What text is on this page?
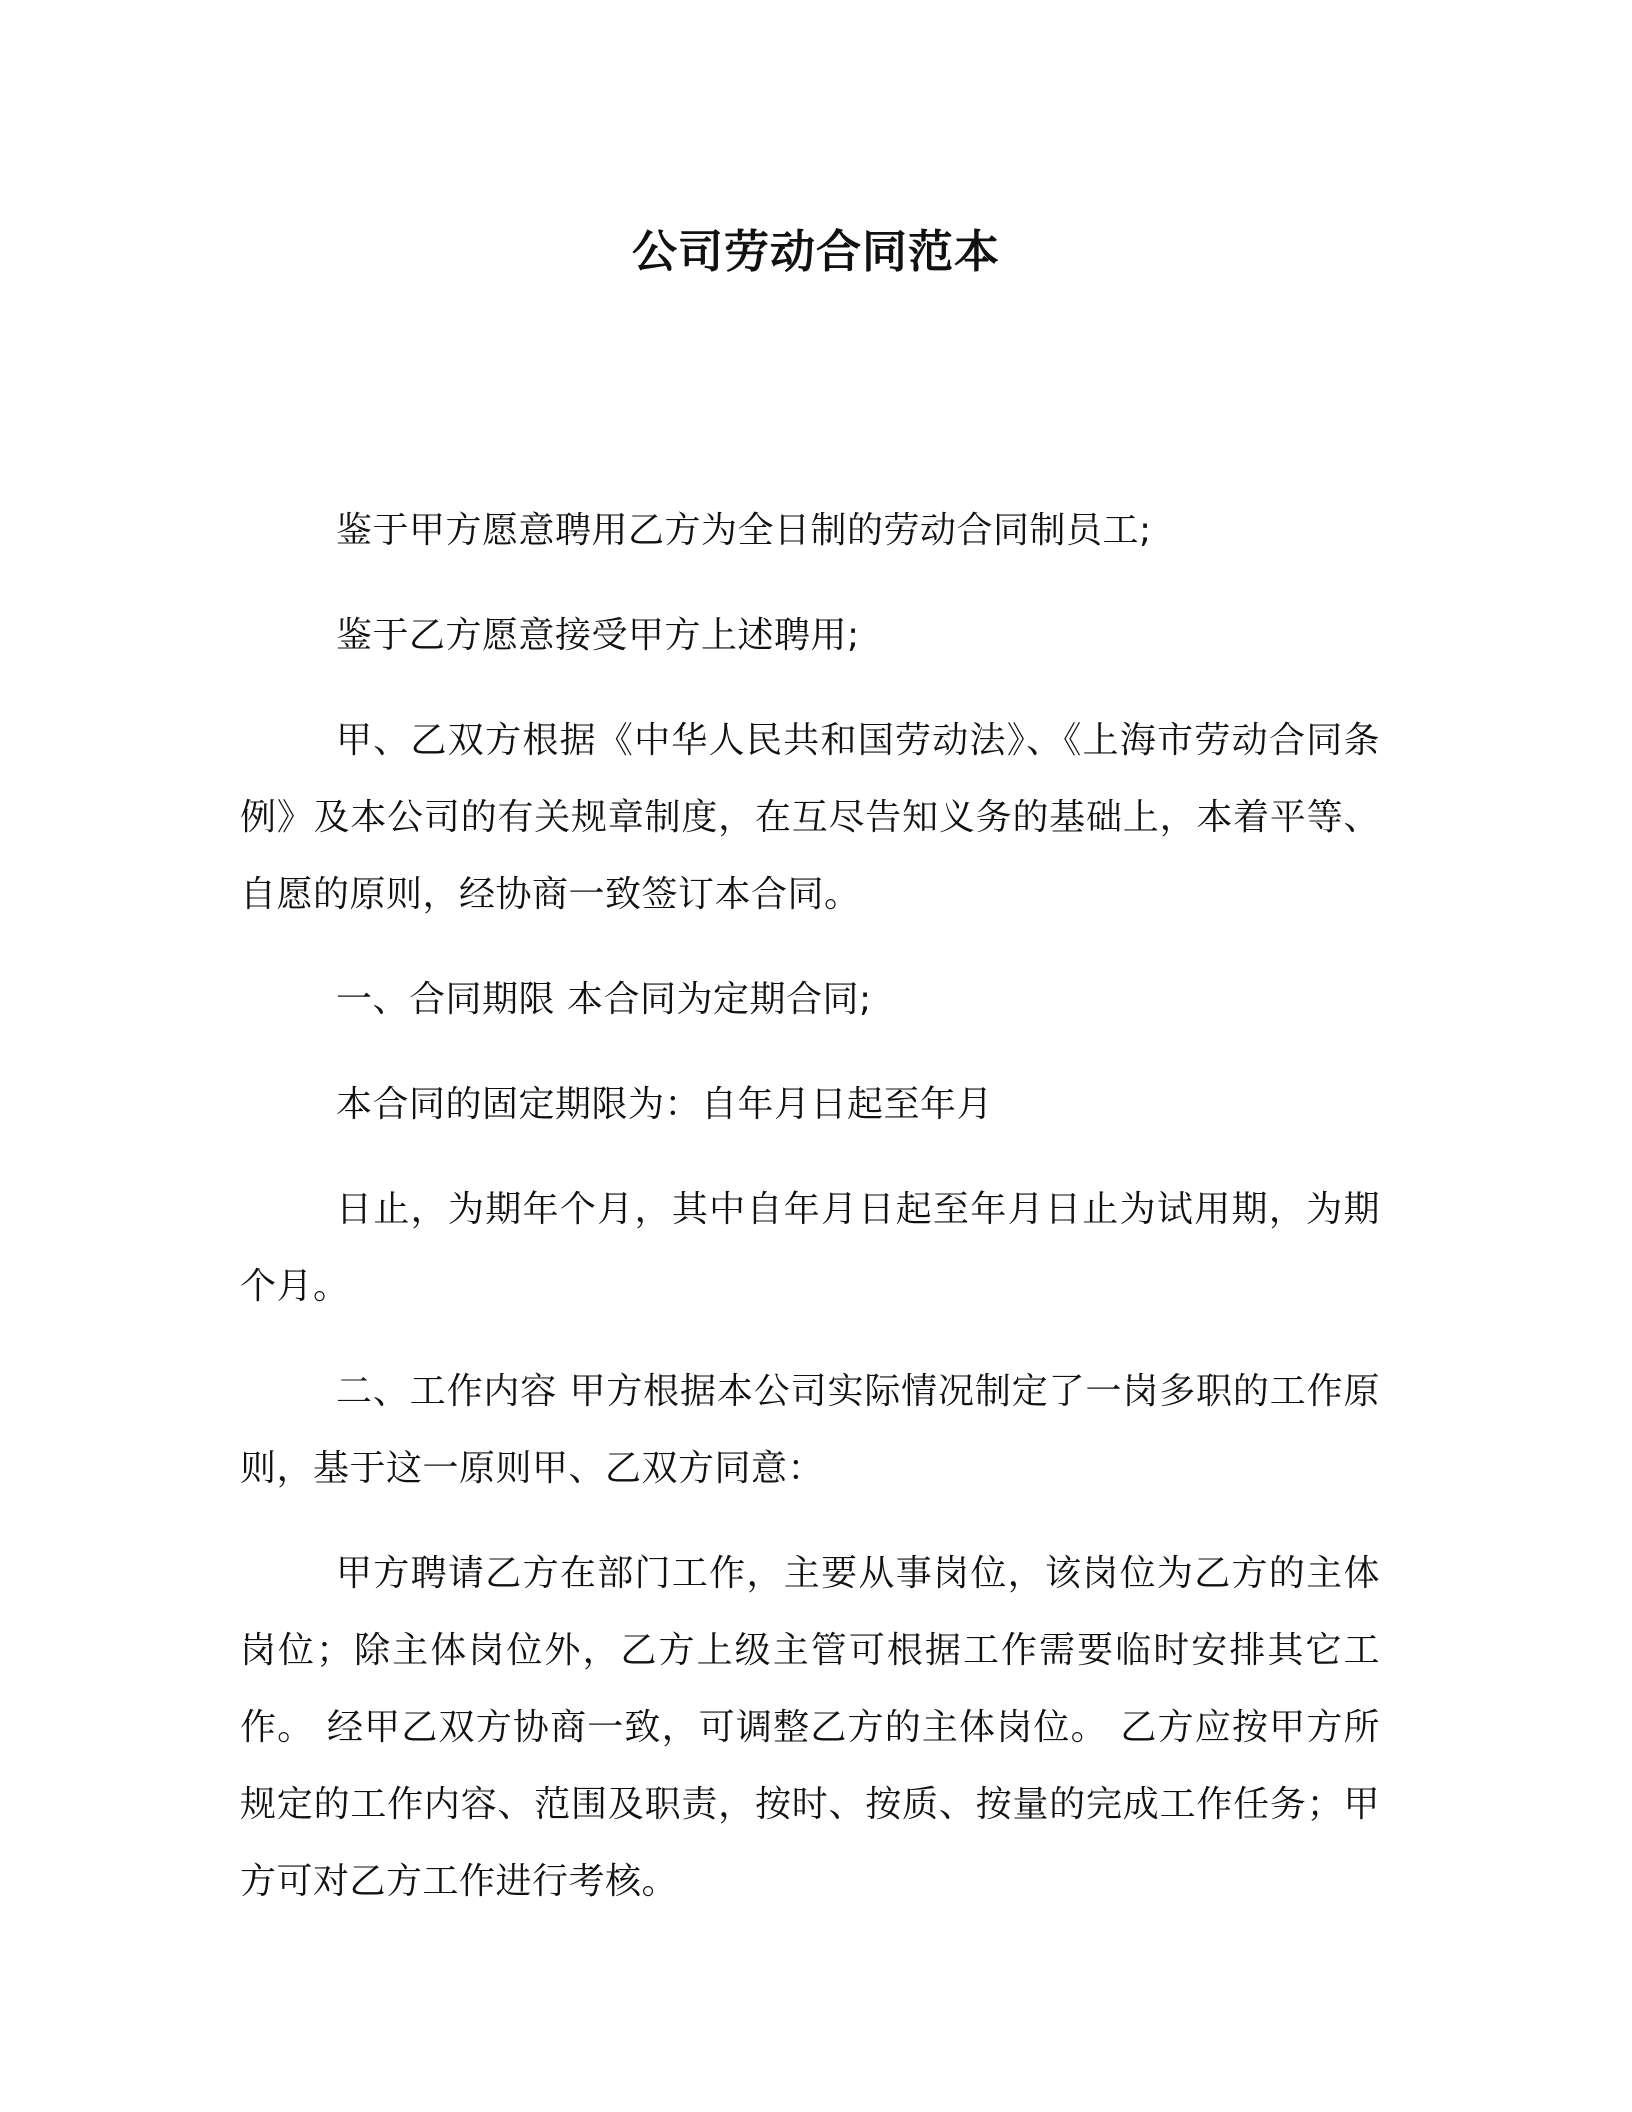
公司劳动合同范本

鉴于甲方愿意聘用乙方为全日制的劳动合同制员工;

鉴于乙方愿意接受甲方上述聘用;

甲、乙双方根据《中华人民共和国劳动法》、《上海市劳动合同条例》及本公司的有关规章制度，在互尽告知义务的基础上，本着平等、自愿的原则，经协商一致签订本合同。

一、合同期限 本合同为定期合同;

本合同的固定期限为：自年月日起至年月

日止，为期年个月，其中自年月日起至年月日止为试用期，为期个月。

二、工作内容 甲方根据本公司实际情况制定了一岗多职的工作原则，基于这一原则甲、乙双方同意：

甲方聘请乙方在部门工作，主要从事岗位，该岗位为乙方的主体岗位；除主体岗位外，乙方上级主管可根据工作需要临时安排其它工作。 经甲乙双方协商一致，可调整乙方的主体岗位。 乙方应按甲方所规定的工作内容、范围及职责，按时、按质、按量的完成工作任务；甲方可对乙方工作进行考核。
